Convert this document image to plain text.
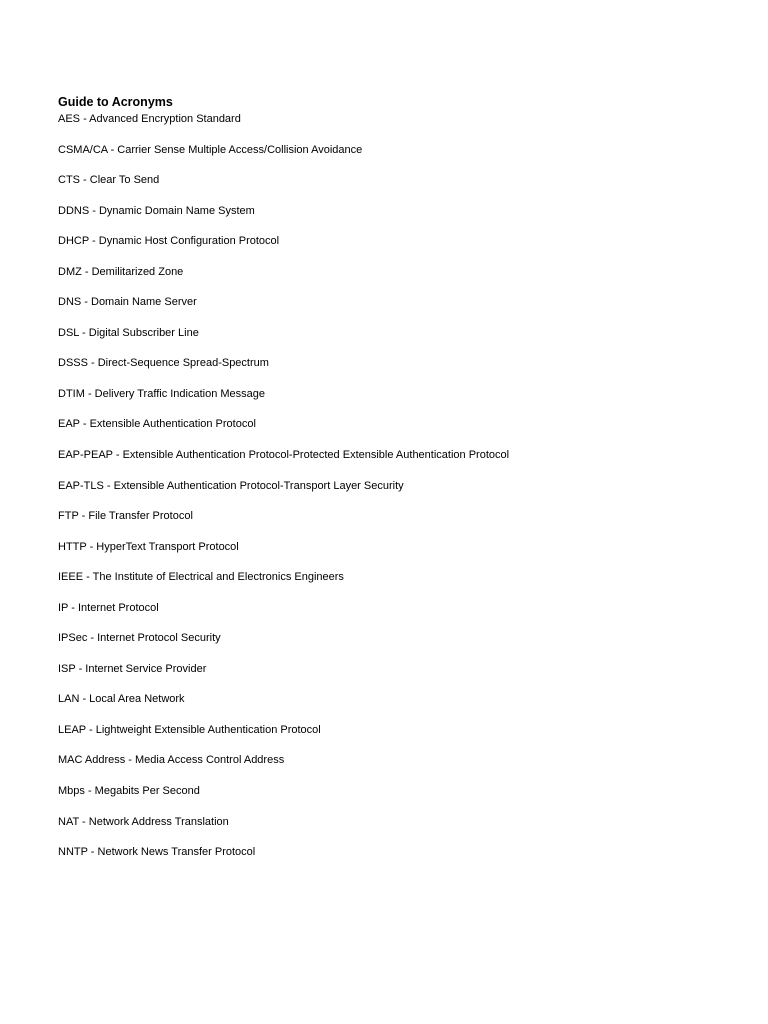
Guide to Acronyms
AES - Advanced Encryption Standard
CSMA/CA - Carrier Sense Multiple Access/Collision Avoidance
CTS - Clear To Send
DDNS - Dynamic Domain Name System
DHCP - Dynamic Host Configuration Protocol
DMZ - Demilitarized Zone
DNS - Domain Name Server
DSL - Digital Subscriber Line
DSSS - Direct-Sequence Spread-Spectrum
DTIM - Delivery Traffic Indication Message
EAP - Extensible Authentication Protocol
EAP-PEAP - Extensible Authentication Protocol-Protected Extensible Authentication Protocol
EAP-TLS - Extensible Authentication Protocol-Transport Layer Security
FTP - File Transfer Protocol
HTTP - HyperText Transport Protocol
IEEE - The Institute of Electrical and Electronics Engineers
IP - Internet Protocol
IPSec - Internet Protocol Security
ISP - Internet Service Provider
LAN - Local Area Network
LEAP - Lightweight Extensible Authentication Protocol
MAC Address - Media Access Control Address
Mbps - Megabits Per Second
NAT - Network Address Translation
NNTP - Network News Transfer Protocol
